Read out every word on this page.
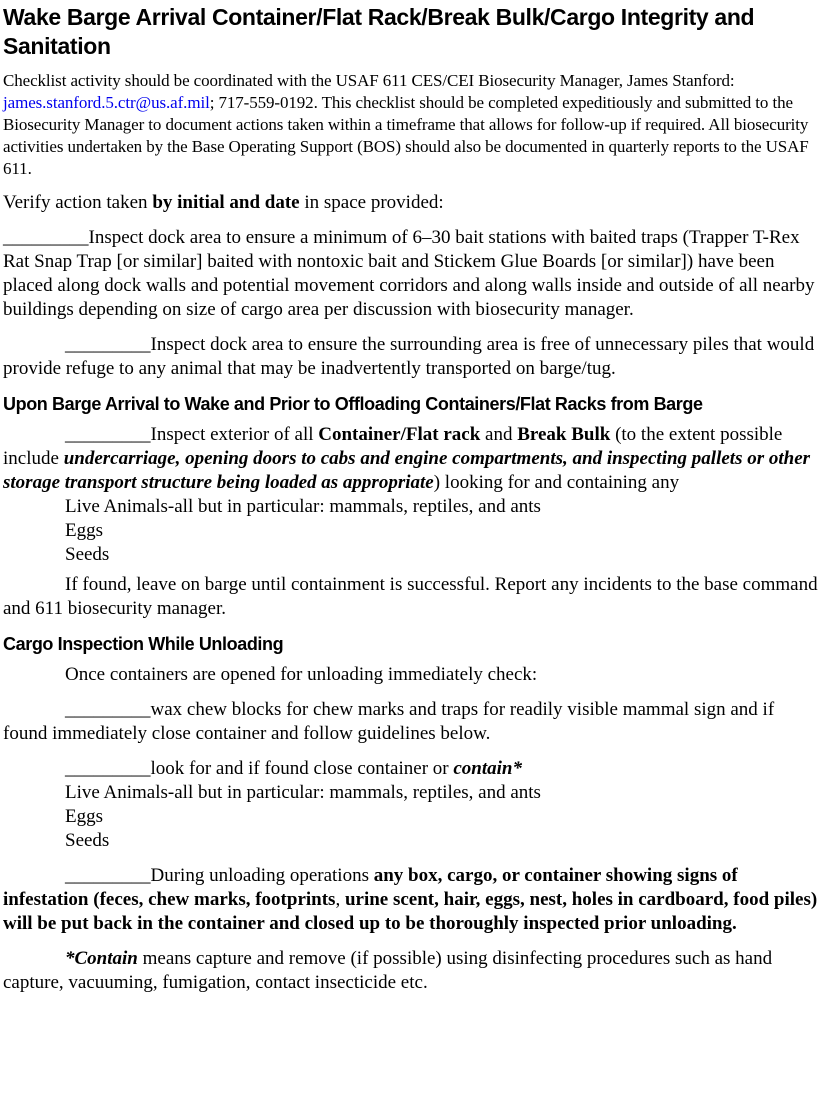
Wake Barge Arrival Container/Flat Rack/Break Bulk/Cargo Integrity and Sanitation

Checklist activity should be coordinated with the USAF 611 CES/CEI Biosecurity Manager, James Stanford: james.stanford.5.ctr@us.af.mil; 717-559-0192. This checklist should be completed expeditiously and submitted to the Biosecurity Manager to document actions taken within a timeframe that allows for follow-up if required. All biosecurity activities undertaken by the Base Operating Support (BOS) should also be documented in quarterly reports to the USAF 611.

Verify action taken by initial and date in space provided:

_________Inspect dock area to ensure a minimum of 6–30 bait stations with baited traps (Trapper T-Rex Rat Snap Trap [or similar] baited with nontoxic bait and Stickem Glue Boards [or similar]) have been placed along dock walls and potential movement corridors and along walls inside and outside of all nearby buildings depending on size of cargo area per discussion with biosecurity manager.

_________Inspect dock area to ensure the surrounding area is free of unnecessary piles that would provide refuge to any animal that may be inadvertently transported on barge/tug.

Upon Barge Arrival to Wake and Prior to Offloading Containers/Flat Racks from Barge

_________Inspect exterior of all Container/Flat rack and Break Bulk (to the extent possible include undercarriage, opening doors to cabs and engine compartments, and inspecting pallets or other storage transport structure being loaded as appropriate) looking for and containing any

Live Animals-all but in particular: mammals, reptiles, and ants
Eggs
Seeds

If found, leave on barge until containment is successful. Report any incidents to the base command and 611 biosecurity manager.

Cargo Inspection While Unloading

Once containers are opened for unloading immediately check:

_________wax chew blocks for chew marks and traps for readily visible mammal sign and if found immediately close container and follow guidelines below.

_________look for and if found close container or contain*

Live Animals-all but in particular: mammals, reptiles, and ants
Eggs
Seeds

_________During unloading operations any box, cargo, or container showing signs of infestation (feces, chew marks, footprints, urine scent, hair, eggs, nest, holes in cardboard, food piles) will be put back in the container and closed up to be thoroughly inspected prior unloading.

*Contain means capture and remove (if possible) using disinfecting procedures such as hand capture, vacuuming, fumigation, contact insecticide etc.
